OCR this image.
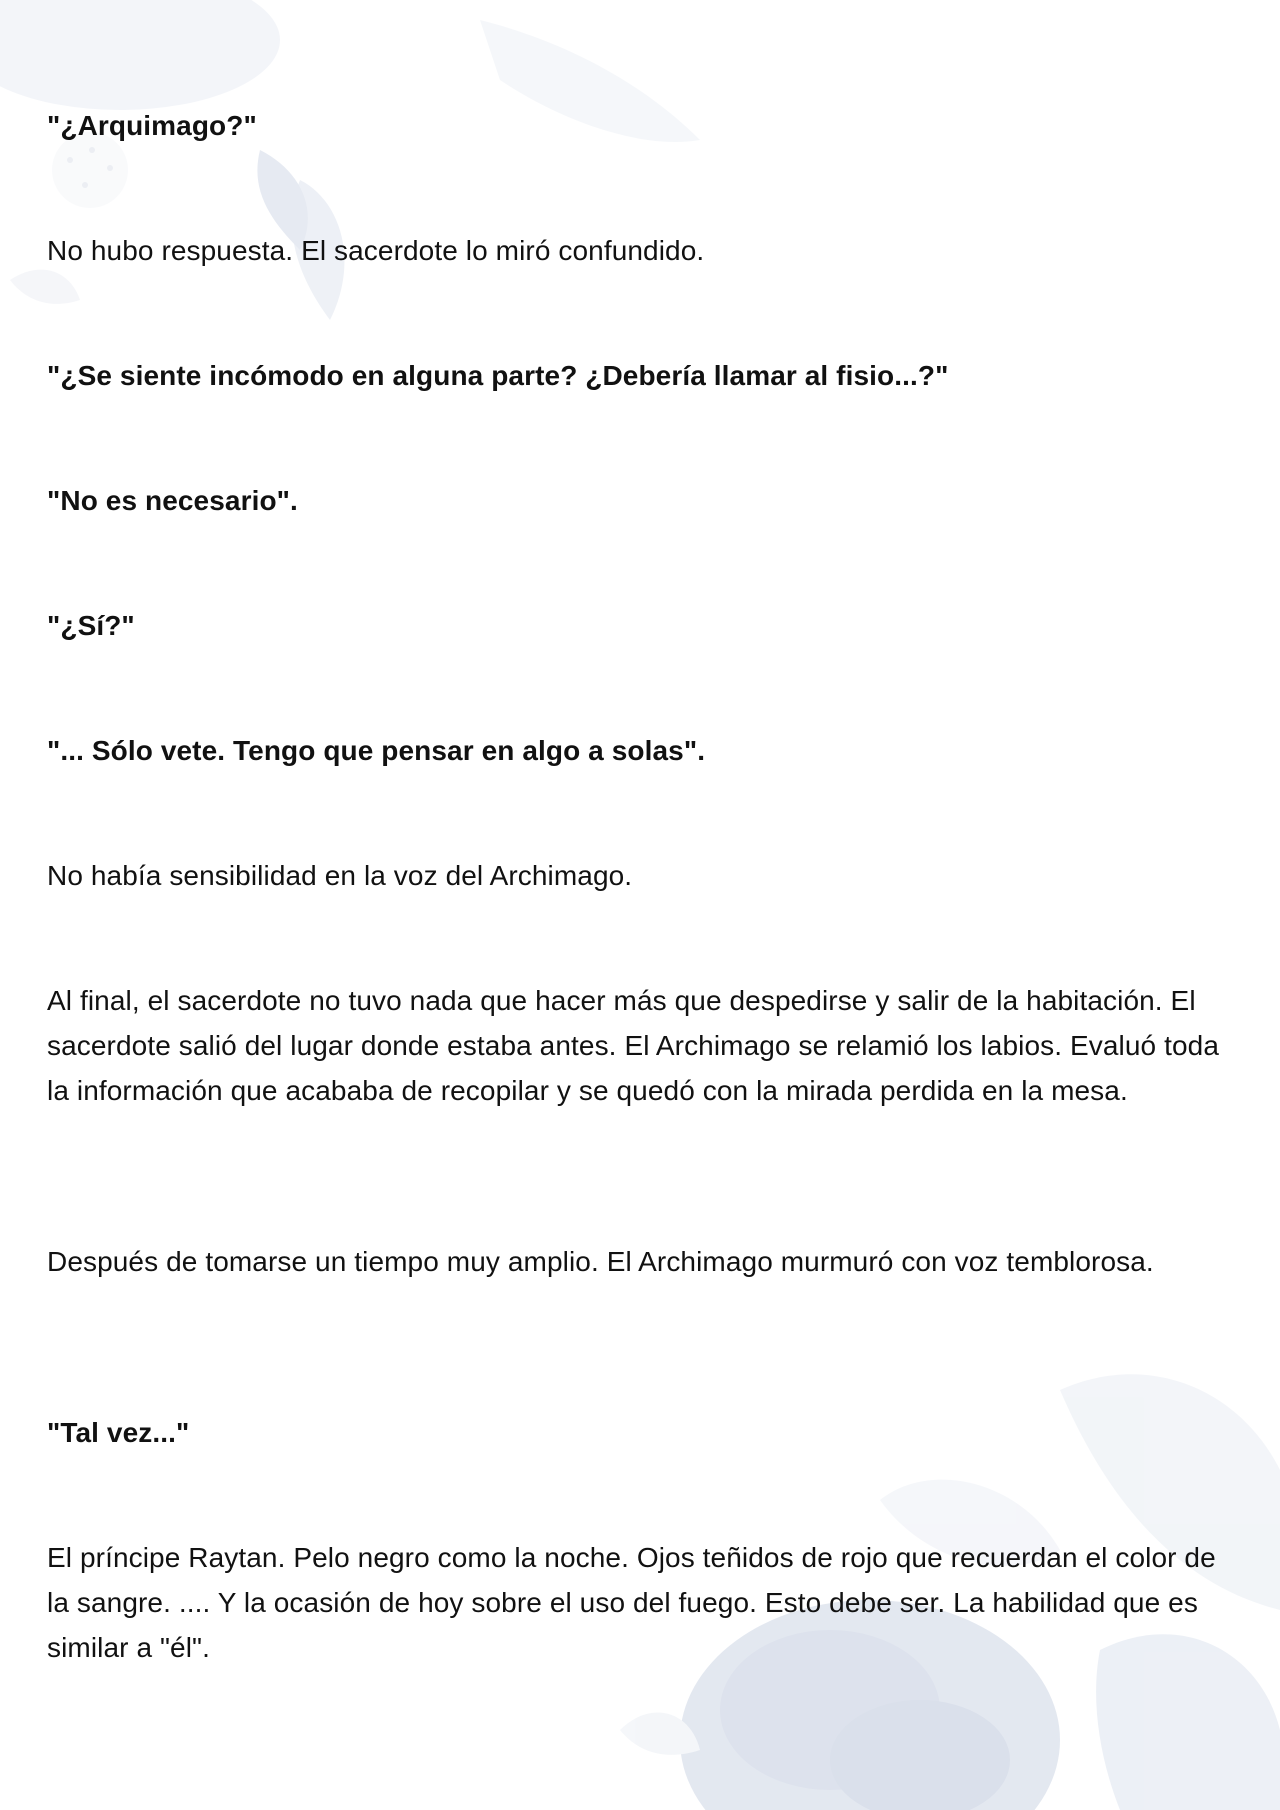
"¿Arquimago?"

No hubo respuesta. El sacerdote lo miró confundido.

"¿Se siente incómodo en alguna parte? ¿Debería llamar al fisio...?"

"No es necesario".

"¿Sí?"

"... Sólo vete. Tengo que pensar en algo a solas".

No había sensibilidad en la voz del Archimago.

Al final, el sacerdote no tuvo nada que hacer más que despedirse y salir de la habitación. El sacerdote salió del lugar donde estaba antes. El Archimago se relamió los labios. Evaluó toda la información que acababa de recopilar y se quedó con la mirada perdida en la mesa.

Después de tomarse un tiempo muy amplio. El Archimago murmuró con voz temblorosa.

"Tal vez..."

El príncipe Raytan. Pelo negro como la noche. Ojos teñidos de rojo que recuerdan el color de la sangre. .... Y la ocasión de hoy sobre el uso del fuego. Esto debe ser. La habilidad que es similar a "él".
